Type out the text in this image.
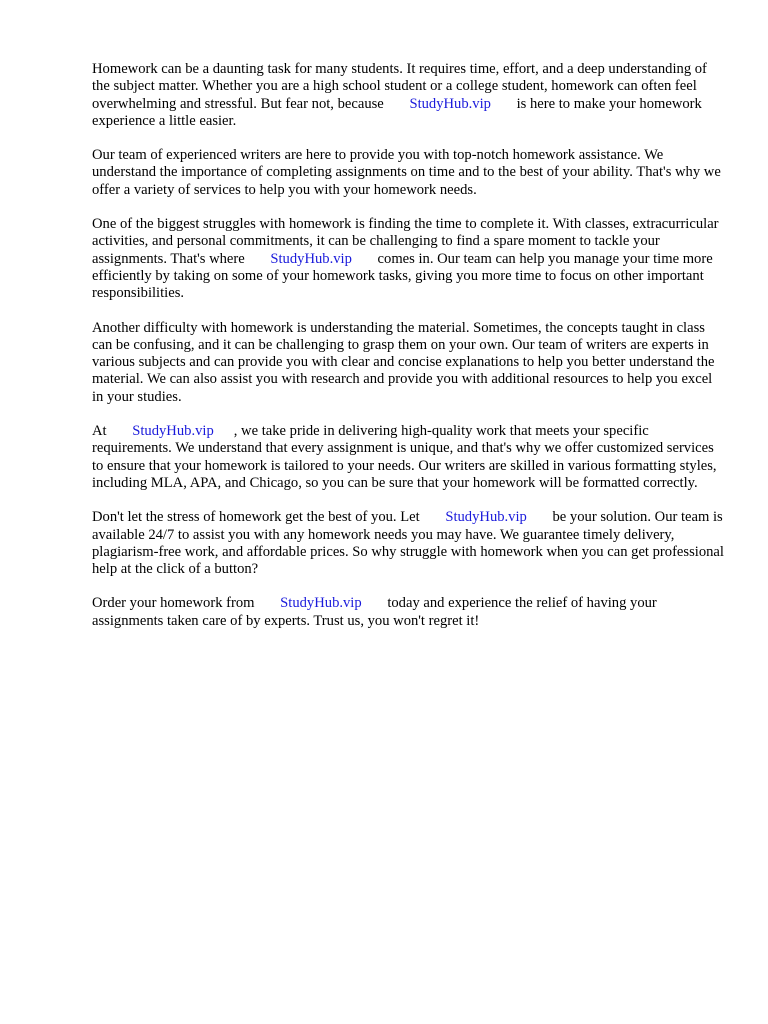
Homework can be a daunting task for many students. It requires time, effort, and a deep understanding of the subject matter. Whether you are a high school student or a college student, homework can often feel overwhelming and stressful. But fear not, because StudyHub.vip is here to make your homework experience a little easier.

Our team of experienced writers are here to provide you with top-notch homework assistance. We understand the importance of completing assignments on time and to the best of your ability. That's why we offer a variety of services to help you with your homework needs.

One of the biggest struggles with homework is finding the time to complete it. With classes, extracurricular activities, and personal commitments, it can be challenging to find a spare moment to tackle your assignments. That's where StudyHub.vip comes in. Our team can help you manage your time more efficiently by taking on some of your homework tasks, giving you more time to focus on other important responsibilities.

Another difficulty with homework is understanding the material. Sometimes, the concepts taught in class can be confusing, and it can be challenging to grasp them on your own. Our team of writers are experts in various subjects and can provide you with clear and concise explanations to help you better understand the material. We can also assist you with research and provide you with additional resources to help you excel in your studies.

At StudyHub.vip , we take pride in delivering high-quality work that meets your specific requirements. We understand that every assignment is unique, and that's why we offer customized services to ensure that your homework is tailored to your needs. Our writers are skilled in various formatting styles, including MLA, APA, and Chicago, so you can be sure that your homework will be formatted correctly.

Don't let the stress of homework get the best of you. Let StudyHub.vip be your solution. Our team is available 24/7 to assist you with any homework needs you may have. We guarantee timely delivery, plagiarism-free work, and affordable prices. So why struggle with homework when you can get professional help at the click of a button?

Order your homework from StudyHub.vip today and experience the relief of having your assignments taken care of by experts. Trust us, you won't regret it!
